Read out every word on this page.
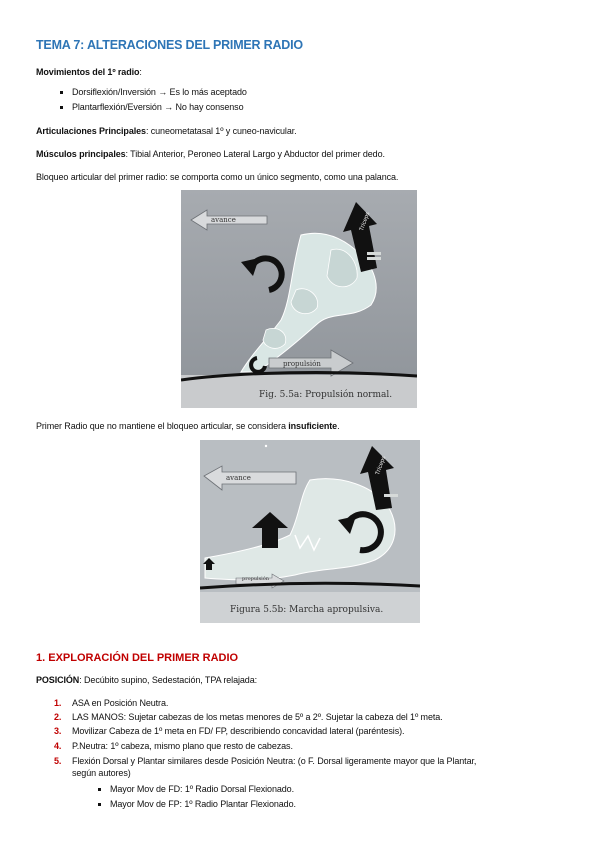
TEMA 7: ALTERACIONES DEL PRIMER RADIO
Movimientos del 1º radio:
Dorsiflexión/Inversión → Es lo más aceptado
Plantarflexión/Eversión → No hay consenso
Articulaciones Principales: cuneometatasal 1º y cuneo-navicular.
Músculos principales: Tibial Anterior, Peroneo Lateral Largo y Abductor del primer dedo.
Bloqueo articular del primer radio: se comporta como un único segmento, como una palanca.
avance
propulsión
Tríceps
Fig. 5.5a: Propulsión normal.
Primer Radio que no mantiene el bloqueo articular, se considera insuficiente.
avance
propulsión
Tríceps
Figura 5.5b: Marcha apropulsiva.
1. EXPLORACIÓN DEL PRIMER RADIO
POSICIÓN: Decúbito supino, Sedestación, TPA relajada:
1. ASA en Posición Neutra.
2. LAS MANOS: Sujetar cabezas de los metas menores de 5º a 2º. Sujetar la cabeza del 1º meta.
3. Movilizar Cabeza de 1º meta en FD/ FP, describiendo concavidad lateral (paréntesis).
4. P.Neutra: 1º cabeza, mismo plano que resto de cabezas.
5. Flexión Dorsal y Plantar similares desde Posición Neutra: (o F. Dorsal ligeramente mayor que la Plantar,
según autores)
Mayor Mov de FD: 1º Radio Dorsal Flexionado.
Mayor Mov de FP: 1º Radio Plantar Flexionado.
